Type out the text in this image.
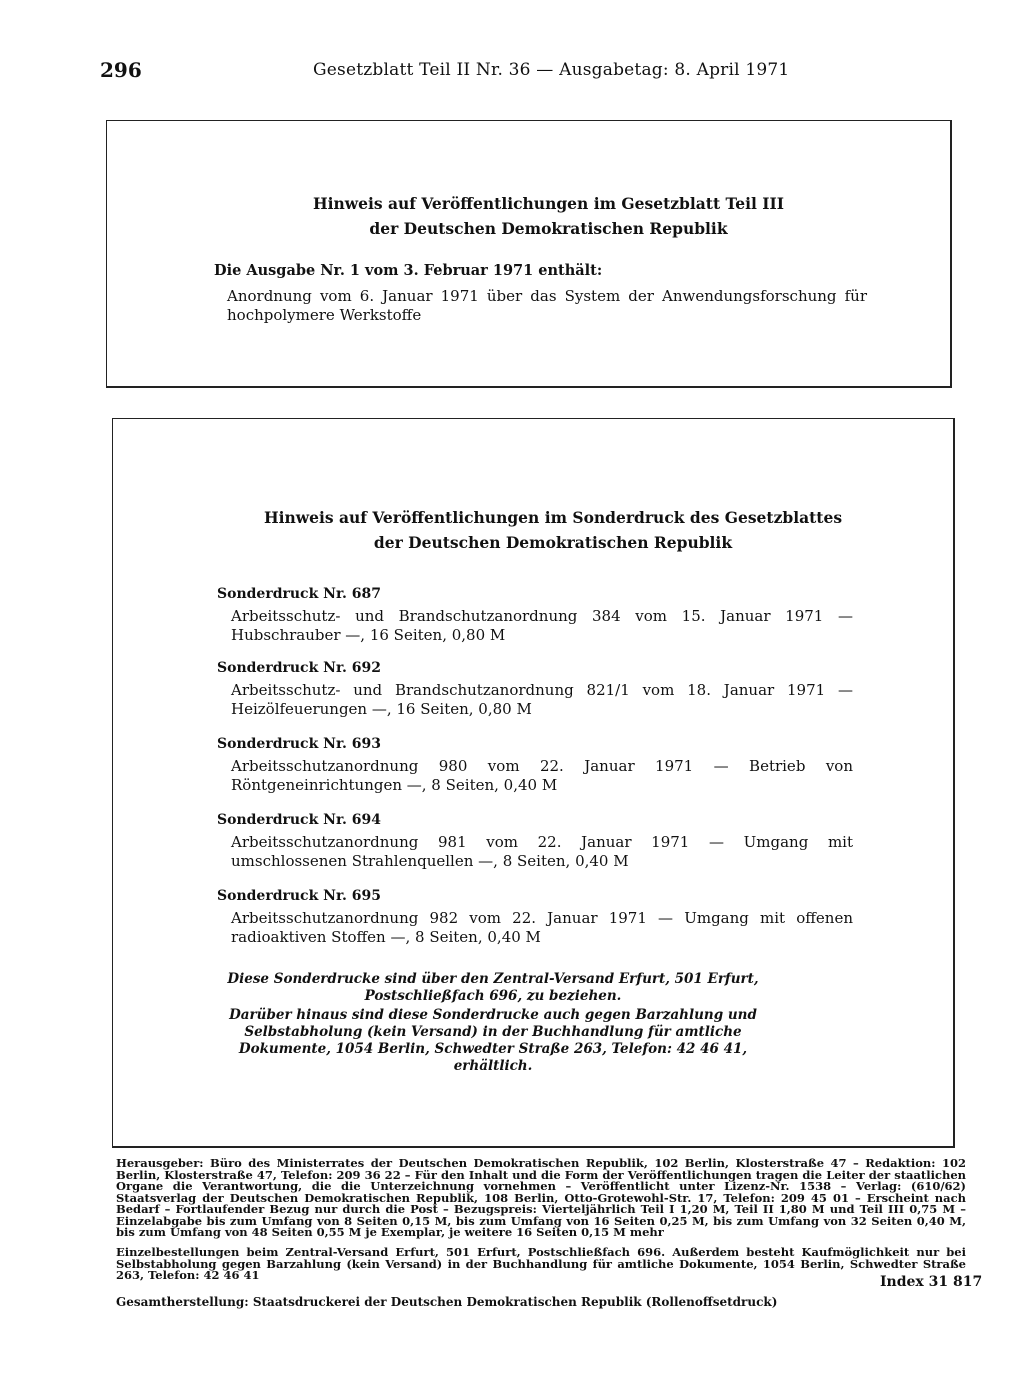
296	Gesetzblatt Teil II Nr. 36 — Ausgabetag: 8. April 1971
Hinweis auf Veröffentlichungen im Gesetzblatt Teil III
der Deutschen Demokratischen Republik
Die Ausgabe Nr. 1 vom 3. Februar 1971 enthält:
Anordnung vom 6. Januar 1971 über das System der Anwendungsforschung für hochpolymere Werkstoffe
Hinweis auf Veröffentlichungen im Sonderdruck des Gesetzblattes
der Deutschen Demokratischen Republik
Sonderdruck Nr. 687
Arbeitsschutz- und Brandschutzanordnung 384 vom 15. Januar 1971 — Hubschrauber —, 16 Seiten, 0,80 M
Sonderdruck Nr. 692
Arbeitsschutz- und Brandschutzanordnung 821/1 vom 18. Januar 1971 — Heizölfeuerungen —, 16 Seiten, 0,80 M
Sonderdruck Nr. 693
Arbeitsschutzanordnung 980 vom 22. Januar 1971 — Betrieb von Röntgeneinrichtungen —, 8 Seiten, 0,40 M
Sonderdruck Nr. 694
Arbeitsschutzanordnung 981 vom 22. Januar 1971 — Umgang mit umschlossenen Strahlenquellen —, 8 Seiten, 0,40 M
Sonderdruck Nr. 695
Arbeitsschutzanordnung 982 vom 22. Januar 1971 — Umgang mit offenen radioaktiven Stoffen —, 8 Seiten, 0,40 M
Diese Sonderdrucke sind über den Zentral-Versand Erfurt, 501 Erfurt, Postschließfach 696, zu beziehen.
Darüber hinaus sind diese Sonderdrucke auch gegen Barzahlung und Selbstabholung (kein Versand) in der Buchhandlung für amtliche Dokumente, 1054 Berlin, Schwedter Straße 263, Telefon: 42 46 41, erhältlich.
Herausgeber: Büro des Ministerrates der Deutschen Demokratischen Republik, 102 Berlin, Klosterstraße 47 – Redaktion: 102 Berlin, Klosterstraße 47, Telefon: 209 36 22 – Für den Inhalt und die Form der Veröffentlichungen tragen die Leiter der staatlichen Organe die Verantwortung, die die Unterzeichnung vornehmen – Veröffentlicht unter Lizenz-Nr. 1538 – Verlag: (610/62) Staatsverlag der Deutschen Demokratischen Republik, 108 Berlin, Otto-Grotewohl-Str. 17, Telefon: 209 45 01 – Erscheint nach Bedarf – Fortlaufender Bezug nur durch die Post – Bezugspreis: Vierteljährlich Teil I 1,20 M, Teil II 1,80 M und Teil III 0,75 M – Einzelabgabe bis zum Umfang von 8 Seiten 0,15 M, bis zum Umfang von 16 Seiten 0,25 M, bis zum Umfang von 32 Seiten 0,40 M, bis zum Umfang von 48 Seiten 0,55 M je Exemplar, je weitere 16 Seiten 0,15 M mehr
Einzelbestellungen beim Zentral-Versand Erfurt, 501 Erfurt, Postschließfach 696. Außerdem besteht Kaufmöglichkeit nur bei Selbstabholung gegen Barzahlung (kein Versand) in der Buchhandlung für amtliche Dokumente, 1054 Berlin, Schwedter Straße 263, Telefon: 42 46 41
Gesamtherstellung: Staatsdruckerei der Deutschen Demokratischen Republik (Rollenoffsetdruck)
Index 31 817
